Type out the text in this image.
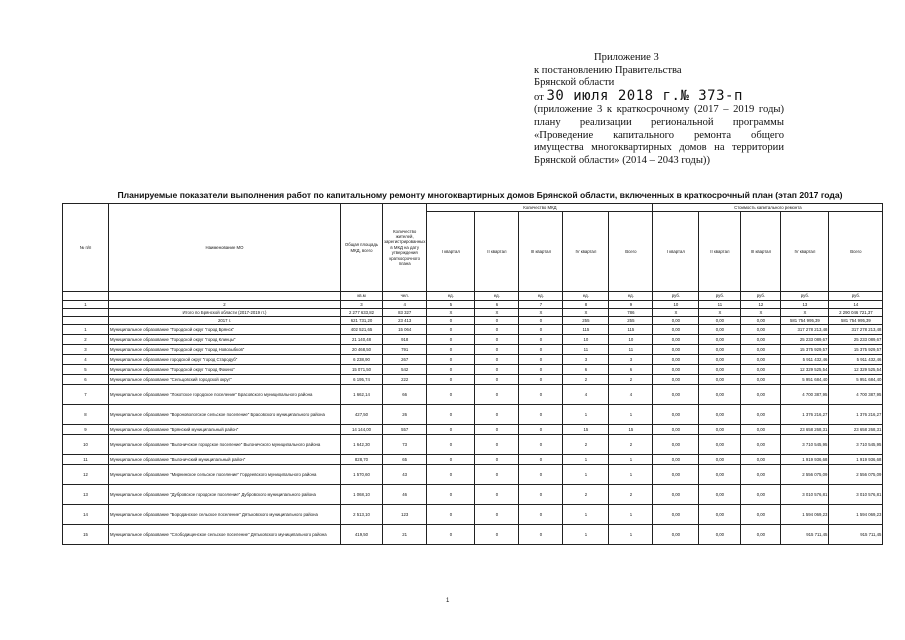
Приложение 3
к постановлению Правительства
Брянской области
от 30 июля 2018 г.№ 373-п
(приложение 3 к краткосрочному (2017 – 2019 годы) плану реализации региональной программы «Проведение капитального ремонта общего имущества многоквартирных домов на территории Брянской области» (2014 – 2043 годы))
Планируемые показатели выполнения работ по капитальному ремонту многоквартирных домов Брянской области, включенных в краткосрочный план (этап 2017 года)
№ п/п	Наименование МО	Общая площадь МКД, всего	Количество жителей, зарегистрированных в МКД на дату утверждения краткосрочного плана	Количество МКД					Стоимость капитального ремонта				
				I квартал	II квартал	III квартал	IV квартал	Всего	I квартал	II квартал	III квартал	IV квартал	Всего
		кв.м	чел.	ед.	ед.	ед.	ед.	ед.	руб.	руб.	руб.	руб.	руб.
1	2	3	4	5	6	7	8	9	10	11	12	13	14
	Итого по Брянской области (2017-2019 гг.)	2 277 633,82	83 327	X	X	X	X	786	X	X	X	X	2 290 046 721,37
	2017 г.	621 731,20	23 413	0	0	0	255	255	0,00	0,00	0,00	581 754 995,39	581 754 995,39
1	Муниципальное образование "Городской округ "город Брянск"	402 521,65	15 064	0	0	0	115	115	0,00	0,00	0,00	317 278 213,48	317 278 213,48
2	Муниципальное образование "Городской округ "город Клинцы"	21 140,48	918	0	0	0	10	10	0,00	0,00	0,00	25 233 089,67	25 233 089,67
3	Муниципальное образование "Городской округ "город Новозыбков"	20 468,50	791	0	0	0	11	11	0,00	0,00	0,00	15 375 929,57	15 375 929,57
4	Муниципальное образование городской округ "город Стародуб"	6 238,90	267	0	0	0	3	3	0,00	0,00	0,00	5 911 432,46	5 911 432,46
5	Муниципальное образование "Городской округ "город Фокино"	15 071,50	542	0	0	0	6	6	0,00	0,00	0,00	12 329 525,54	12 329 525,54
6	Муниципальное образование "Сельцовский городской округ"	6 195,74	222	0	0	0	2	2	0,00	0,00	0,00	5 951 684,40	5 951 684,40
7	Муниципальное образование "Локотское городское поселение" Брасовского муниципального района	1 662,14	66	0	0	0	4	4	0,00	0,00	0,00	4 700 387,95	4 700 387,95
8	Муниципальное образование "Вороновологское сельское поселение" Брасовского муниципального района	427,50	26	0	0	0	1	1	0,00	0,00	0,00	1 376 216,27	1 376 216,27
9	Муниципальное образование "Брянский муниципальный район"	14 144,00	557	0	0	0	15	15	0,00	0,00	0,00	23 658 268,31	23 658 268,31
10	Муниципальное образование "Выгоничское городское поселение" Выгоничского муниципального района	1 642,30	73	0	0	0	2	2	0,00	0,00	0,00	3 710 545,95	3 710 545,95
11	Муниципальное образование "Выгоничский муниципальный район"	828,70	65	0	0	0	1	1	0,00	0,00	0,00	1 919 936,68	1 919 936,68
12	Муниципальное образование "Мирнинское сельское поселение" Гордеевского муниципального района	1 570,60	43	0	0	0	1	1	0,00	0,00	0,00	2 556 075,09	2 556 075,09
13	Муниципальное образование "Дубровское городское поселение" Дубровского муниципального района	1 068,10	46	0	0	0	2	2	0,00	0,00	0,00	3 010 576,81	3 010 576,81
14	Муниципальное образование "Бороданское сельское поселение" Дятьковского муниципального района	2 513,10	123	0	0	0	1	1	0,00	0,00	0,00	1 594 069,23	1 594 069,23
15	Муниципальное образование "Слободищенское сельское поселение" Дятьковского муниципального района	419,50	21	0	0	0	1	1	0,00	0,00	0,00	915 711,45	915 711,45
1
